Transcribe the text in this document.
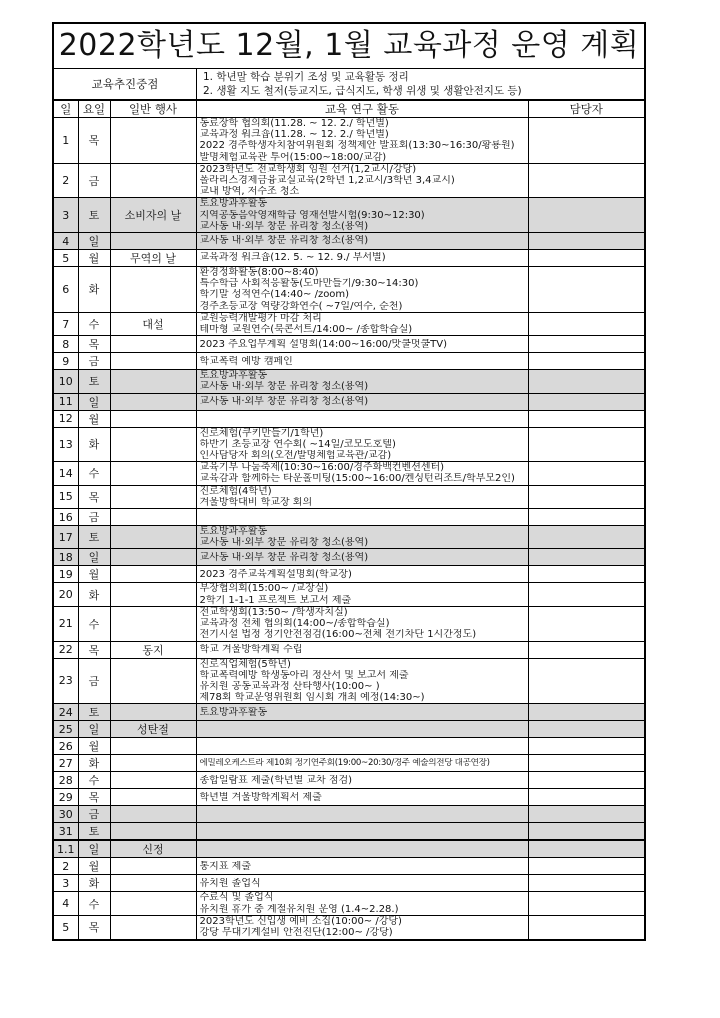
2022학년도 12월, 1월 교육과정 운영 계획
교육추진중점	1. 학년말 학습 분위기 조성 및 교육활동 정리
2. 생활 지도 철저(등교지도, 급식지도, 학생 위생 및 생활안전지도 등)
일	요일	일반 행사	교육 연구 활동	담당자
1	목		동료장학 협의회(11.28. ~ 12. 2./ 학년별)
교육과정 워크숍(11.28. ~ 12. 2./ 학년별)
2022 경주학생자치참여위원회 정책제안 발표회(13:30~16:30/황룡원)
발명체험교육관 투어(15:00~18:00/교감)	

2	금		2023학년도 전교학생회 임원 선거(1,2교시/강당)
폴라리스경제금융교실교육(2학년 1,2교시/3학년 3,4교시)
교내 방역, 저수조 청소	

3	토	소비자의 날	토요방과후활동
지역공동음악영재학급 영재선발시험(9:30~12:30)
교사동 내·외부 창문 유리창 청소(용역)	

4	일		교사동 내·외부 창문 유리창 청소(용역)	

5	월	무역의 날	교육과정 워크숍(12. 5. ~ 12. 9./ 부서별)	

6	화		환경정화활동(8:00~8:40)
특수학급 사회적응활동(도마만들기/9:30~14:30)
학기말 성적연수(14:40~ /zoom)
경주초등교장 역량강화연수( ~7일/여수, 순천)	

7	수	대설	교원능력개발평가 마감 처리
테마형 교원연수(북콘서트/14:00~ /종합학습실)	

8	목		2023 주요업무계획 설명회(14:00~16:00/맛쿨멋쿨TV)	

9	금		학교폭력 예방 캠페인	

10	토		토요방과후활동
교사동 내·외부 창문 유리창 청소(용역)	

11	일		교사동 내·외부 창문 유리창 청소(용역)	

12	월			
13	화		진로체험(쿠키만들기/1학년)
하반기 초등교장 연수회( ~14일/코모도호텔)
인사담당자 회의(오전/발명체험교육관/교감)	

14	수		교육기부 나눔축제(10:30~16:00/경주화백컨벤션센터)
교육감과 함께하는 타운홀미팅(15:00~16:00/켄싱턴리조트/학부모2인)	

15	목		진로체험(4학년)
겨울방학대비 학교장 회의	

16	금			
17	토		토요방과후활동
교사동 내·외부 창문 유리창 청소(용역)	

18	일		교사동 내·외부 창문 유리창 청소(용역)	

19	월		2023 경주교육계획설명회(학교장)	

20	화		부장협의회(15:00~ /교장실)
2학기 1-1-1 프로젝트 보고서 제출	

21	수		전교학생회(13:50~ /학생자치실)
교육과정 전체 협의회(14:00~/종합학습실)
전기시설 법정 정기안전점검(16:00~전체 전기차단 1시간정도)	

22	목	동지	학교 겨울방학계획 수립	

23	금		진로직업체험(5학년)
학교폭력예방 학생동아리 정산서 및 보고서 제출
유치원 공동교육과정 산타행사(10:00~ )
제78회 학교운영위원회 임시회 개최 예정(14:30~)	

24	토		토요방과후활동	

25	일	성탄절		
26	월			
27	화		에밀레오케스트라 제10회 정기연주회(19:00~20:30/경주 예술의전당 대공연장)	

28	수		종합일람표 제출(학년별 교차 점검)	

29	목		학년별 겨울방학계획서 제출	

30	금			
31	토			
1.1	일	신정		
2	월		통지표 제출	

3	화		유치원 졸업식	

4	수		수료식 및 졸업식
유치원 휴가 중 계절유치원 운영 (1.4~2.28.)	

5	목		2023학년도 신입생 예비 소집(10:00~ /강당)
강당 무대기계설비 안전진단(12:00~ /강당)	
